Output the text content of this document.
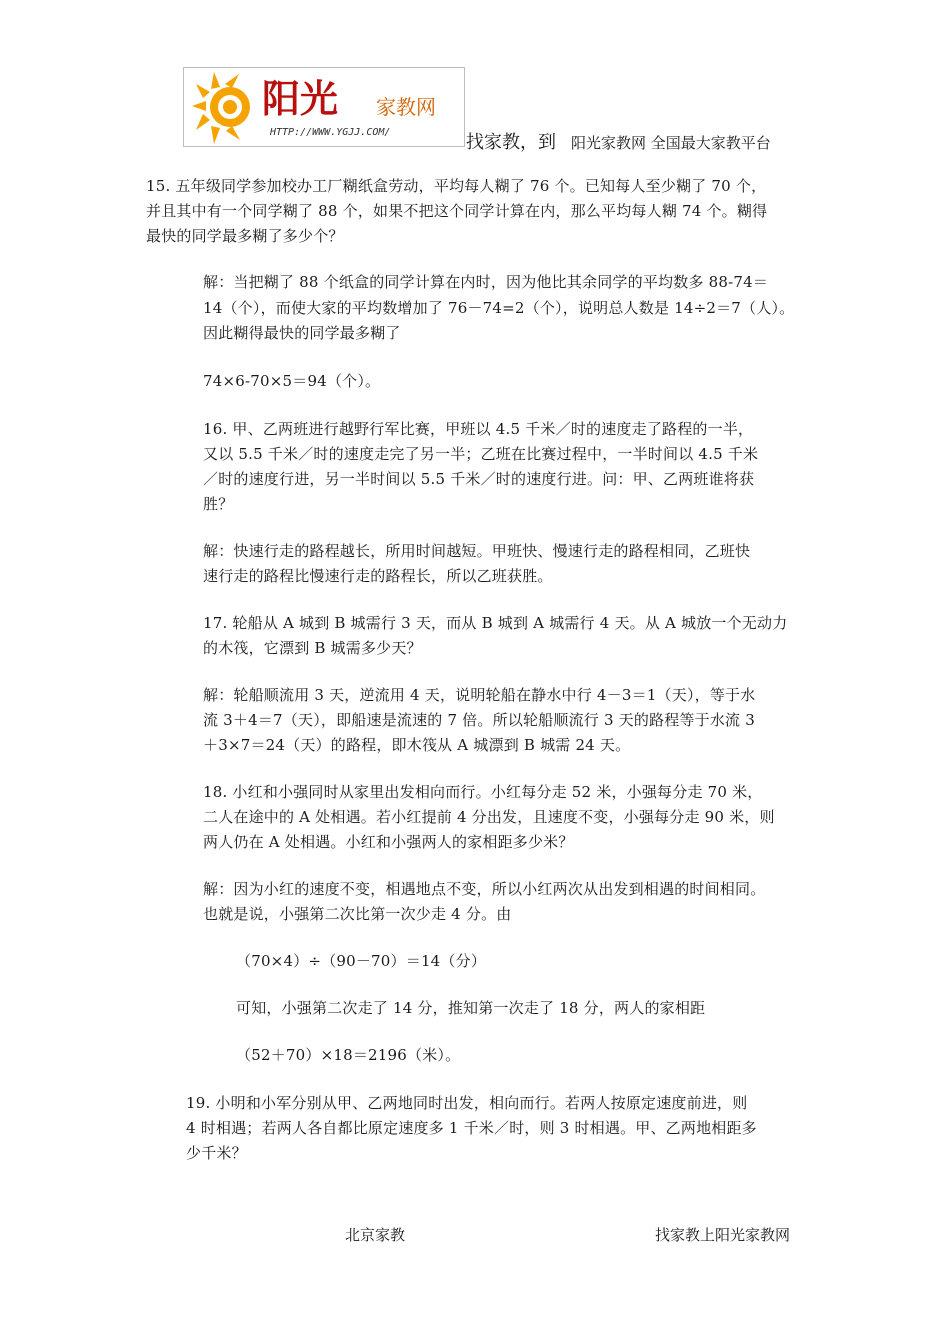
阳光 家教网
HTTP://WWW.YGJJ.COM/	找家教，到 阳光家教网 全国最大家教平台
15. 五年级同学参加校办工厂糊纸盒劳动，平均每人糊了 76 个。已知每人至少糊了 70 个，
并且其中有一个同学糊了 88 个，如果不把这个同学计算在内，那么平均每人糊 74 个。糊得
最快的同学最多糊了多少个？
解：当把糊了 88 个纸盒的同学计算在内时，因为他比其余同学的平均数多 88-74＝
14（个），而使大家的平均数增加了 76－74=2（个），说明总人数是 14÷2＝7（人）。
因此糊得最快的同学最多糊了
74×6-70×5＝94（个）。
16. 甲、乙两班进行越野行军比赛，甲班以 4.5 千米／时的速度走了路程的一半，
又以 5.5 千米／时的速度走完了另一半；乙班在比赛过程中，一半时间以 4.5 千米
／时的速度行进，另一半时间以 5.5 千米／时的速度行进。问：甲、乙两班谁将获
胜？
解：快速行走的路程越长，所用时间越短。甲班快、慢速行走的路程相同，乙班快
速行走的路程比慢速行走的路程长，所以乙班获胜。
17. 轮船从 A 城到 B 城需行 3 天，而从 B 城到 A 城需行 4 天。从 A 城放一个无动力
的木筏，它漂到 B 城需多少天？
解：轮船顺流用 3 天，逆流用 4 天，说明轮船在静水中行 4－3＝1（天），等于水
流 3＋4＝7（天），即船速是流速的 7 倍。所以轮船顺流行 3 天的路程等于水流 3
＋3×7＝24（天）的路程，即木筏从 A 城漂到 B 城需 24 天。
18. 小红和小强同时从家里出发相向而行。小红每分走 52 米，小强每分走 70 米，
二人在途中的 A 处相遇。若小红提前 4 分出发，且速度不变，小强每分走 90 米，则
两人仍在 A 处相遇。小红和小强两人的家相距多少米？
解：因为小红的速度不变，相遇地点不变，所以小红两次从出发到相遇的时间相同。
也就是说，小强第二次比第一次少走 4 分。由
（70×4）÷（90－70）＝14（分）
可知，小强第二次走了 14 分，推知第一次走了 18 分，两人的家相距
（52＋70）×18＝2196（米）。
19. 小明和小军分别从甲、乙两地同时出发，相向而行。若两人按原定速度前进，则
4 时相遇；若两人各自都比原定速度多 1 千米／时，则 3 时相遇。甲、乙两地相距多
少千米？
北京家教	找家教上阳光家教网
